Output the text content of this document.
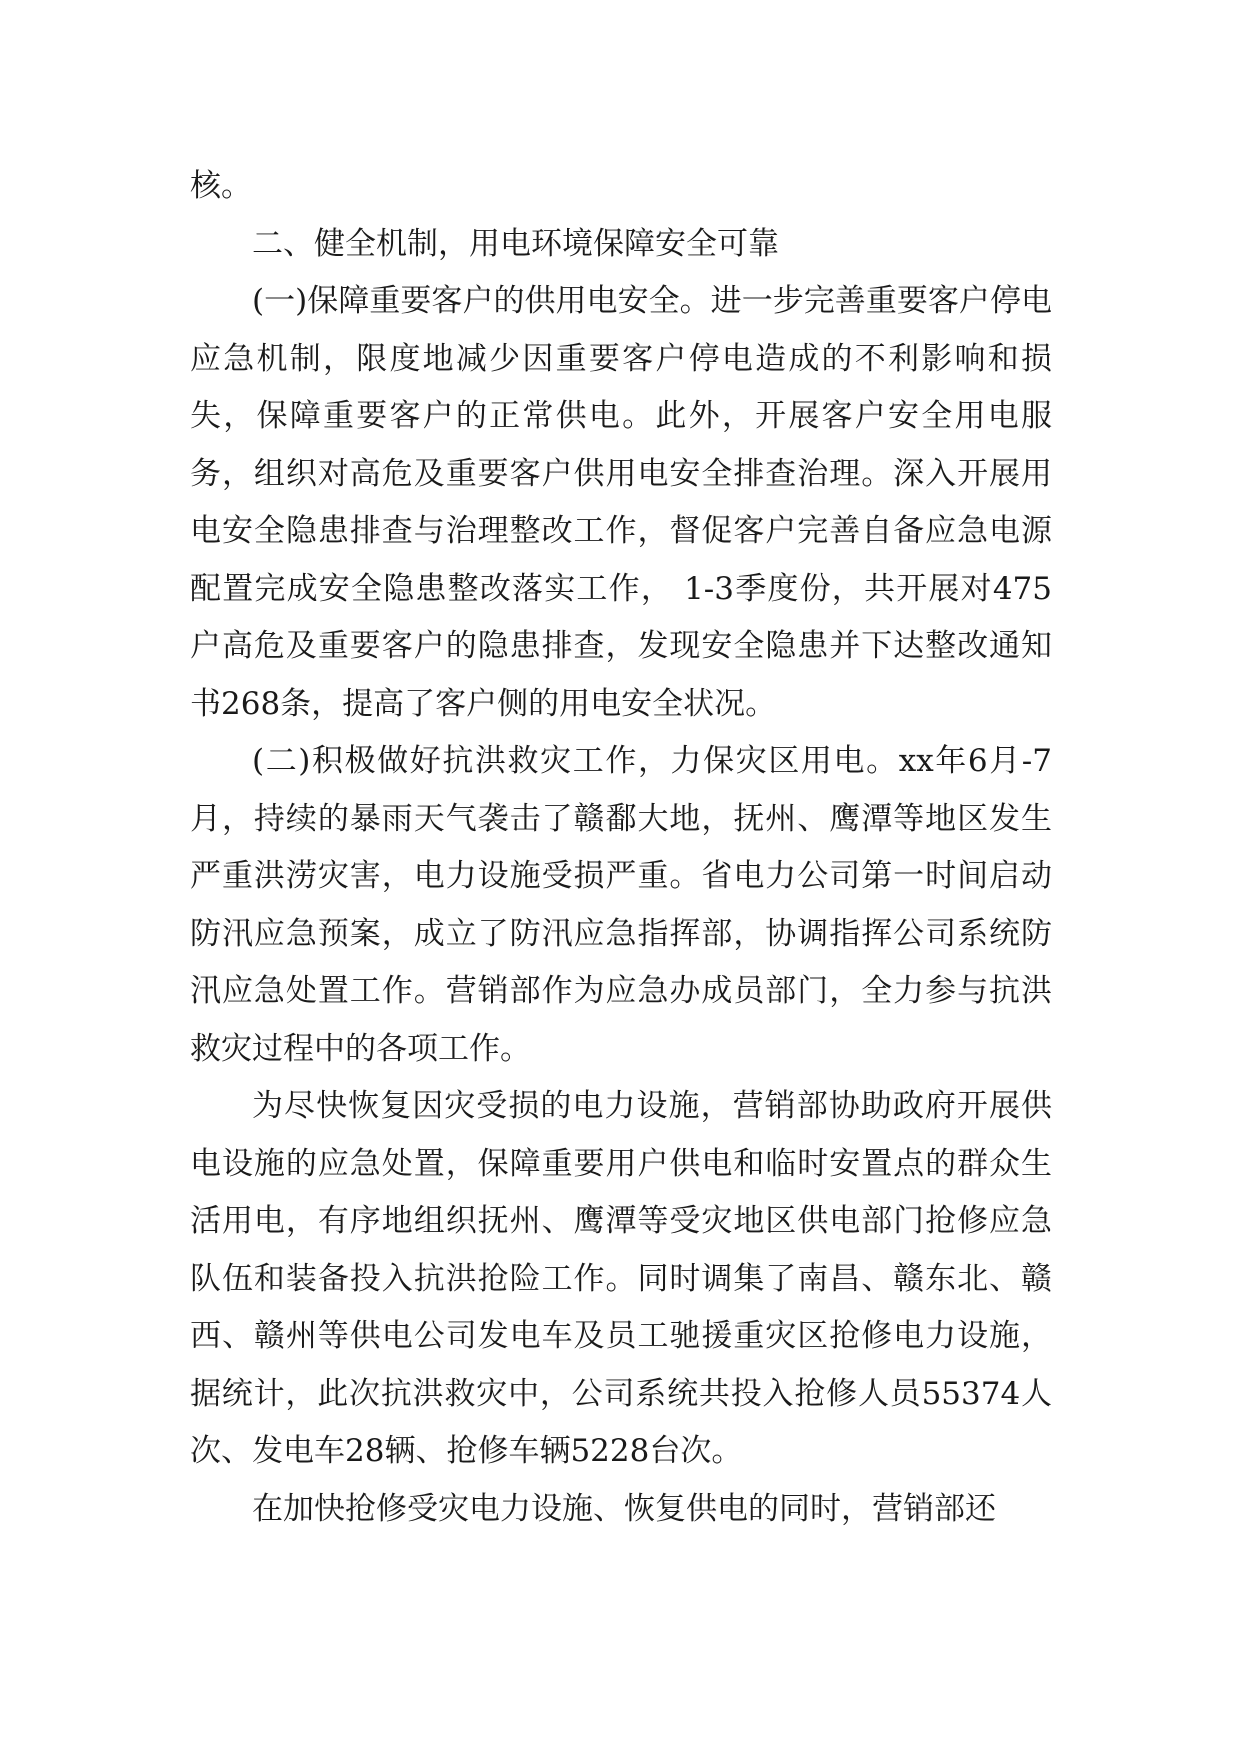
核。

二、健全机制，用电环境保障安全可靠

(一)保障重要客户的供用电安全。进一步完善重要客户停电应急机制，限度地减少因重要客户停电造成的不利影响和损失，保障重要客户的正常供电。此外，开展客户安全用电服务，组织对高危及重要客户供用电安全排查治理。深入开展用电安全隐患排查与治理整改工作，督促客户完善自备应急电源配置完成安全隐患整改落实工作， 1-3季度份，共开展对475户高危及重要客户的隐患排查，发现安全隐患并下达整改通知书268条，提高了客户侧的用电安全状况。

(二)积极做好抗洪救灾工作，力保灾区用电。xx年6月-7月，持续的暴雨天气袭击了赣鄱大地，抚州、鹰潭等地区发生严重洪涝灾害，电力设施受损严重。省电力公司第一时间启动防汛应急预案，成立了防汛应急指挥部，协调指挥公司系统防汛应急处置工作。营销部作为应急办成员部门，全力参与抗洪救灾过程中的各项工作。

为尽快恢复因灾受损的电力设施，营销部协助政府开展供电设施的应急处置，保障重要用户供电和临时安置点的群众生活用电，有序地组织抚州、鹰潭等受灾地区供电部门抢修应急队伍和装备投入抗洪抢险工作。同时调集了南昌、赣东北、赣西、赣州等供电公司发电车及员工驰援重灾区抢修电力设施，据统计，此次抗洪救灾中，公司系统共投入抢修人员55374人次、发电车28辆、抢修车辆5228台次。

在加快抢修受灾电力设施、恢复供电的同时，营销部还
